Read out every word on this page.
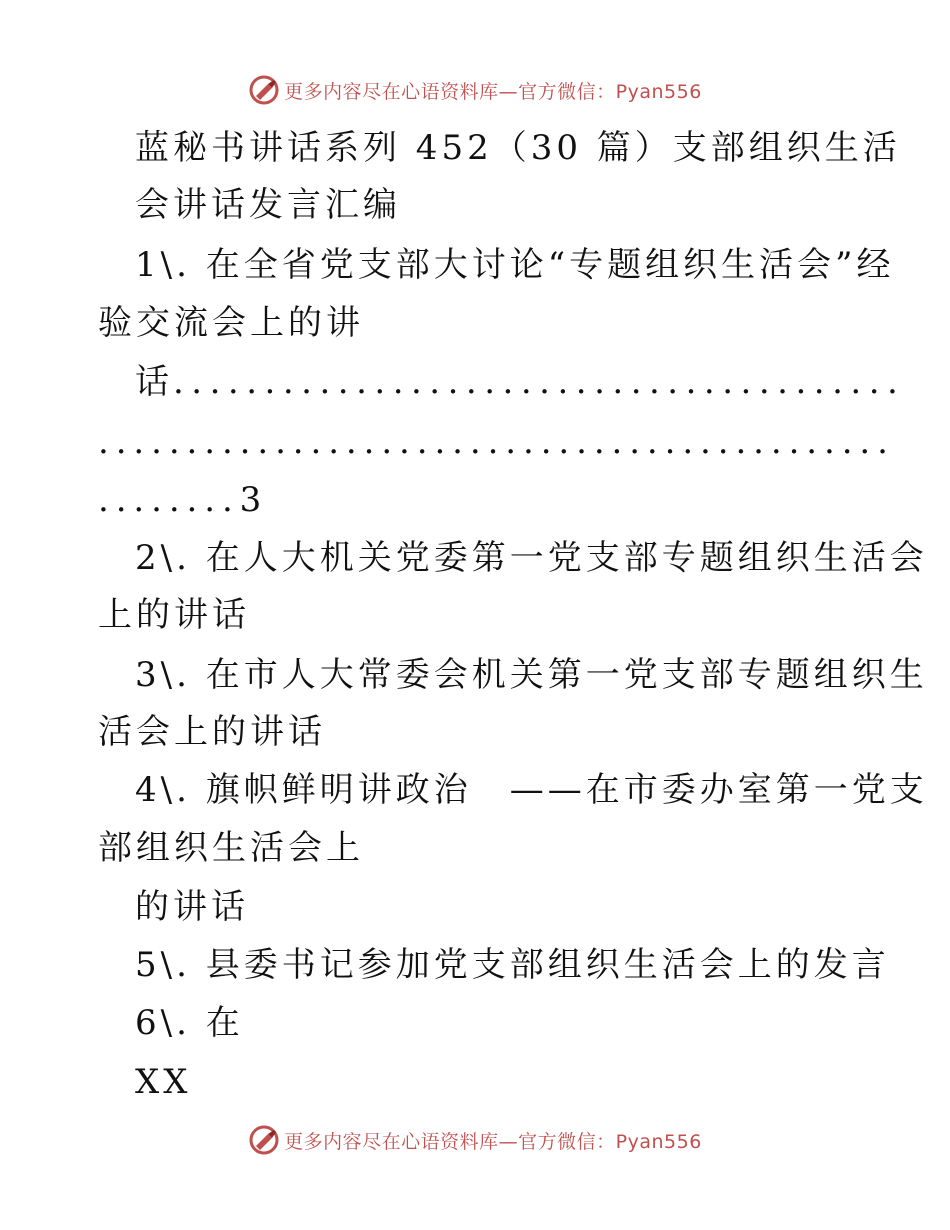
更多内容尽在心语资料库—官方微信：Pyan556
蓝秘书讲话系列 452（30 篇）支部组织生活
会讲话发言汇编
1\. 在全省党支部大讨论“专题组织生活会”经
验交流会上的讲
话........................................
.............................................
........3
2\. 在人大机关党委第一党支部专题组织生活会
上的讲话
3\. 在市人大常委会机关第一党支部专题组织生
活会上的讲话
4\. 旗帜鲜明讲政治　——在市委办室第一党支
部组织生活会上
的讲话
5\. 县委书记参加党支部组织生活会上的发言
6\. 在
XX
更多内容尽在心语资料库—官方微信：Pyan556
